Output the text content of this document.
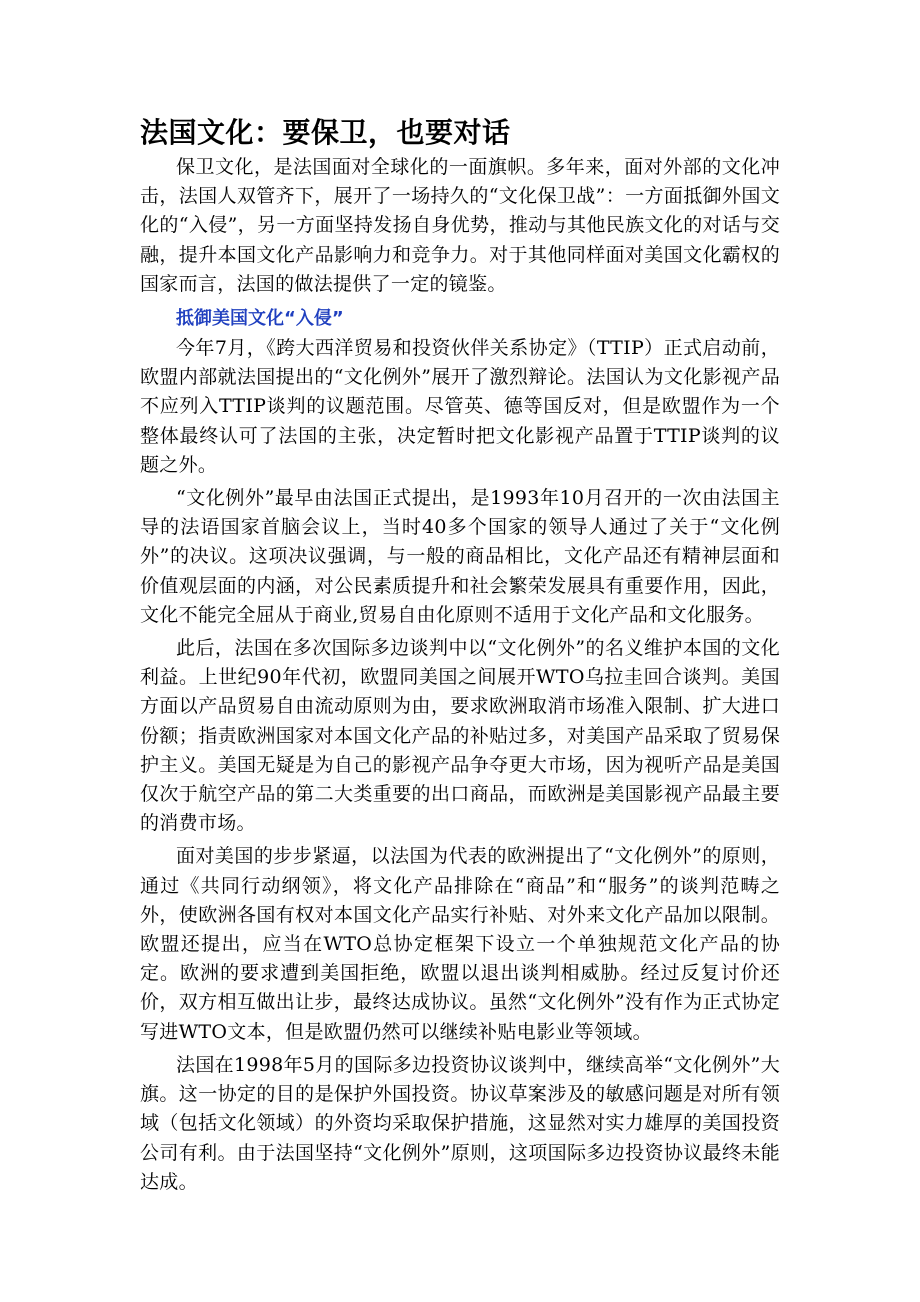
法国文化：要保卫，也要对话

保卫文化，是法国面对全球化的一面旗帜。多年来，面对外部的文化冲击，法国人双管齐下，展开了一场持久的“文化保卫战”：一方面抵御外国文化的“入侵”，另一方面坚持发扬自身优势，推动与其他民族文化的对话与交融，提升本国文化产品影响力和竞争力。对于其他同样面对美国文化霸权的国家而言，法国的做法提供了一定的镜鉴。

抵御美国文化“入侵”

今年7月，《跨大西洋贸易和投资伙伴关系协定》（TTIP）正式启动前，欧盟内部就法国提出的“文化例外”展开了激烈辩论。法国认为文化影视产品不应列入TTIP谈判的议题范围。尽管英、德等国反对，但是欧盟作为一个整体最终认可了法国的主张，决定暂时把文化影视产品置于TTIP谈判的议题之外。

“文化例外”最早由法国正式提出，是1993年10月召开的一次由法国主导的法语国家首脑会议上，当时40多个国家的领导人通过了关于“文化例外”的决议。这项决议强调，与一般的商品相比，文化产品还有精神层面和价值观层面的内涵，对公民素质提升和社会繁荣发展具有重要作用，因此，文化不能完全屈从于商业,贸易自由化原则不适用于文化产品和文化服务。

此后，法国在多次国际多边谈判中以“文化例外”的名义维护本国的文化利益。上世纪90年代初，欧盟同美国之间展开WTO乌拉圭回合谈判。美国方面以产品贸易自由流动原则为由，要求欧洲取消市场准入限制、扩大进口份额；指责欧洲国家对本国文化产品的补贴过多，对美国产品采取了贸易保护主义。美国无疑是为自己的影视产品争夺更大市场，因为视听产品是美国仅次于航空产品的第二大类重要的出口商品，而欧洲是美国影视产品最主要的消费市场。

面对美国的步步紧逼，以法国为代表的欧洲提出了“文化例外”的原则，通过《共同行动纲领》，将文化产品排除在“商品”和“服务”的谈判范畴之外，使欧洲各国有权对本国文化产品实行补贴、对外来文化产品加以限制。欧盟还提出，应当在WTO总协定框架下设立一个单独规范文化产品的协定。欧洲的要求遭到美国拒绝，欧盟以退出谈判相威胁。经过反复讨价还价，双方相互做出让步，最终达成协议。虽然“文化例外”没有作为正式协定写进WTO文本，但是欧盟仍然可以继续补贴电影业等领域。

法国在1998年5月的国际多边投资协议谈判中，继续高举“文化例外”大旗。这一协定的目的是保护外国投资。协议草案涉及的敏感问题是对所有领域（包括文化领域）的外资均采取保护措施，这显然对实力雄厚的美国投资公司有利。由于法国坚持“文化例外”原则，这项国际多边投资协议最终未能达成。
